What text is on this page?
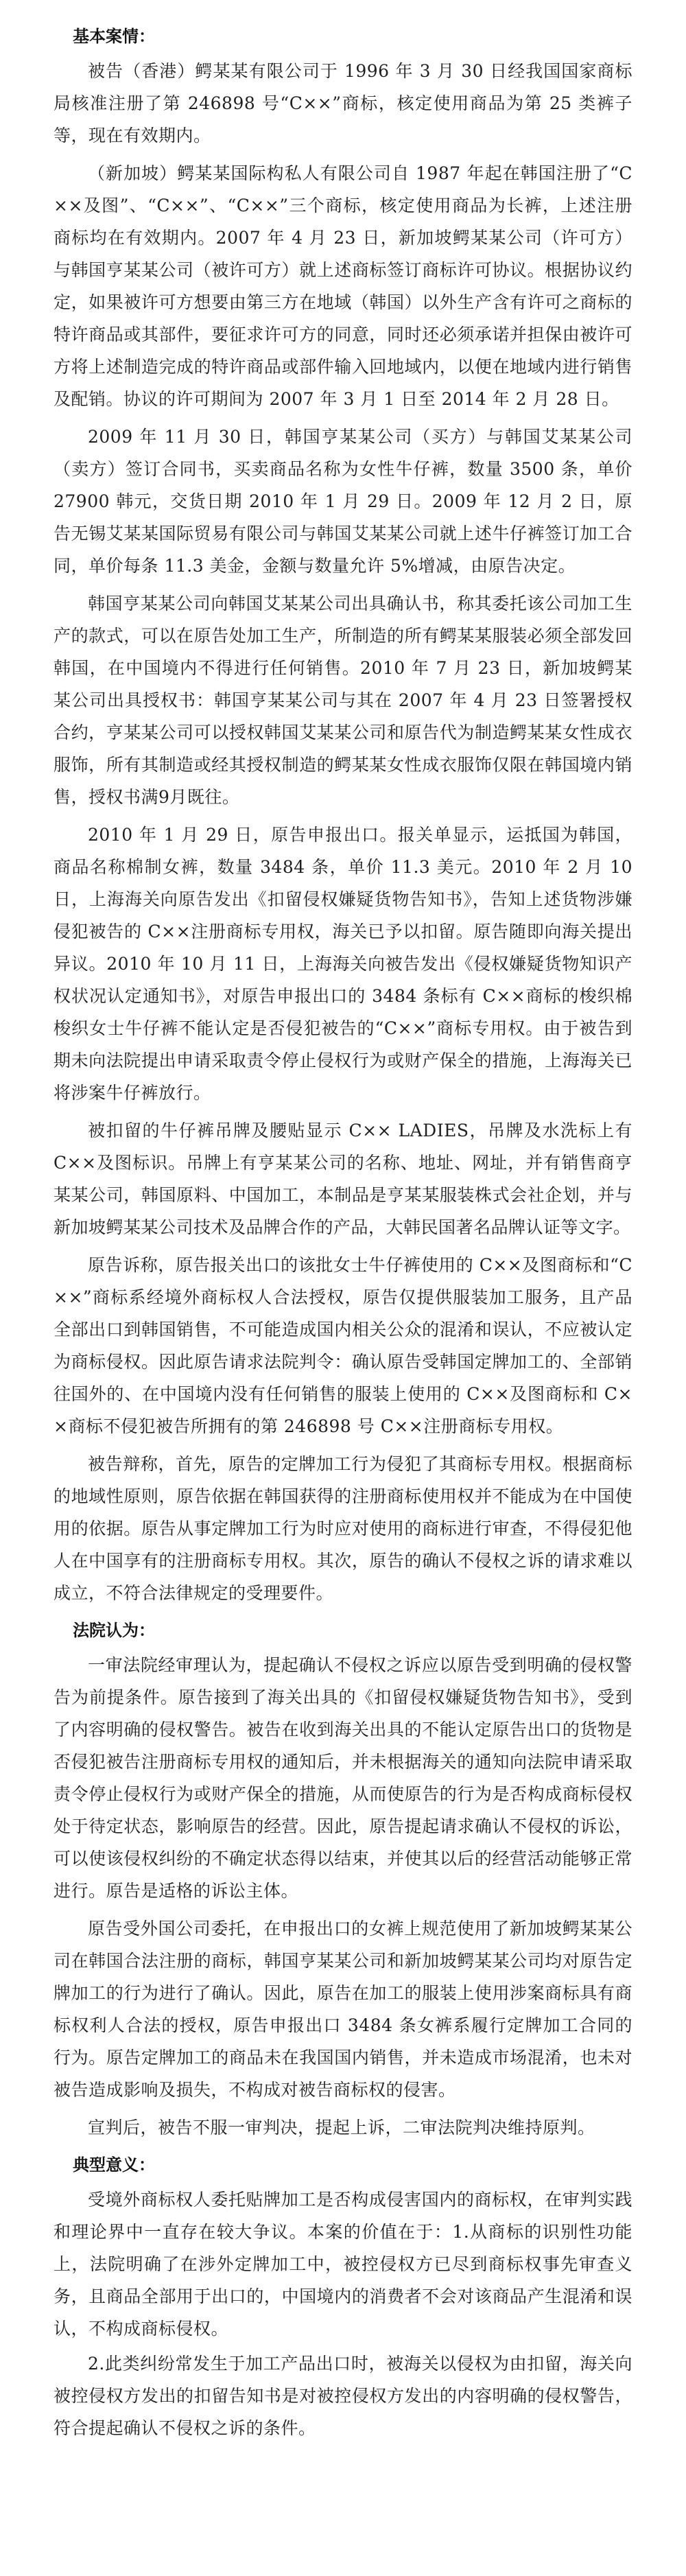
基本案情：

被告（香港）鳄某某有限公司于 1996 年 3 月 30 日经我国国家商标局核准注册了第 246898 号“C××”商标，核定使用商品为第 25 类裤子等，现在有效期内。

（新加坡）鳄某某国际构私人有限公司自 1987 年起在韩国注册了“C××及图”、“C××”、“C××”三个商标，核定使用商品为长裤，上述注册商标均在有效期内。2007 年 4 月 23 日，新加坡鳄某某公司（许可方）与韩国亨某某公司（被许可方）就上述商标签订商标许可协议。根据协议约定，如果被许可方想要由第三方在地域（韩国）以外生产含有许可之商标的特许商品或其部件，要征求许可方的同意，同时还必须承诺并担保由被许可方将上述制造完成的特许商品或部件输入回地域内，以便在地域内进行销售及配销。协议的许可期间为 2007 年 3 月 1 日至 2014 年 2 月 28 日。

2009 年 11 月 30 日，韩国亨某某公司（买方）与韩国艾某某公司（卖方）签订合同书，买卖商品名称为女性牛仔裤，数量 3500 条，单价 27900 韩元，交货日期 2010 年 1 月 29 日。2009 年 12 月 2 日，原告无锡艾某某国际贸易有限公司与韩国艾某某公司就上述牛仔裤签订加工合同，单价每条 11.3 美金，金额与数量允许 5%增减，由原告决定。

韩国亨某某公司向韩国艾某某公司出具确认书，称其委托该公司加工生产的款式，可以在原告处加工生产，所制造的所有鳄某某服装必须全部发回韩国，在中国境内不得进行任何销售。2010 年 7 月 23 日，新加坡鳄某某公司出具授权书：韩国亨某某公司与其在 2007 年 4 月 23 日签署授权合约，亨某某公司可以授权韩国艾某某公司和原告代为制造鳄某某女性成衣服饰，所有其制造或经其授权制造的鳄某某女性成衣服饰仅限在韩国境内销售，授权书满9月既往。

2010 年 1 月 29 日，原告申报出口。报关单显示，运抵国为韩国，商品名称棉制女裤，数量 3484 条，单价 11.3 美元。2010 年 2 月 10 日，上海海关向原告发出《扣留侵权嫌疑货物告知书》，告知上述货物涉嫌侵犯被告的 C××注册商标专用权，海关已予以扣留。原告随即向海关提出异议。2010 年 10 月 11 日，上海海关向被告发出《侵权嫌疑货物知识产权状况认定通知书》，对原告申报出口的 3484 条标有 C××商标的梭织棉梭织女士牛仔裤不能认定是否侵犯被告的“C××”商标专用权。由于被告到期未向法院提出申请采取责令停止侵权行为或财产保全的措施，上海海关已将涉案牛仔裤放行。

被扣留的牛仔裤吊牌及腰贴显示 C×× LADIES，吊牌及水洗标上有 C××及图标识。吊牌上有亨某某公司的名称、地址、网址，并有销售商亨某某公司，韩国原料、中国加工，本制品是亨某某服装株式会社企划，并与新加坡鳄某某公司技术及品牌合作的产品，大韩民国著名品牌认证等文字。

原告诉称，原告报关出口的该批女士牛仔裤使用的 C××及图商标和“C××”商标系经境外商标权人合法授权，原告仅提供服装加工服务，且产品全部出口到韩国销售，不可能造成国内相关公众的混淆和误认，不应被认定为商标侵权。因此原告请求法院判令：确认原告受韩国定牌加工的、全部销往国外的、在中国境内没有任何销售的服装上使用的 C××及图商标和 C××商标不侵犯被告所拥有的第 246898 号 C××注册商标专用权。

被告辩称，首先，原告的定牌加工行为侵犯了其商标专用权。根据商标的地域性原则，原告依据在韩国获得的注册商标使用权并不能成为在中国使用的依据。原告从事定牌加工行为时应对使用的商标进行审查，不得侵犯他人在中国享有的注册商标专用权。其次，原告的确认不侵权之诉的请求难以成立，不符合法律规定的受理要件。

法院认为：

一审法院经审理认为，提起确认不侵权之诉应以原告受到明确的侵权警告为前提条件。原告接到了海关出具的《扣留侵权嫌疑货物告知书》，受到了内容明确的侵权警告。被告在收到海关出具的不能认定原告出口的货物是否侵犯被告注册商标专用权的通知后，并未根据海关的通知向法院申请采取责令停止侵权行为或财产保全的措施，从而使原告的行为是否构成商标侵权处于待定状态，影响原告的经营。因此，原告提起请求确认不侵权的诉讼，可以使该侵权纠纷的不确定状态得以结束，并使其以后的经营活动能够正常进行。原告是适格的诉讼主体。

原告受外国公司委托，在申报出口的女裤上规范使用了新加坡鳄某某公司在韩国合法注册的商标，韩国亨某某公司和新加坡鳄某某公司均对原告定牌加工的行为进行了确认。因此，原告在加工的服装上使用涉案商标具有商标权利人合法的授权，原告申报出口 3484 条女裤系履行定牌加工合同的行为。原告定牌加工的商品未在我国国内销售，并未造成市场混淆，也未对被告造成影响及损失，不构成对被告商标权的侵害。

宣判后，被告不服一审判决，提起上诉，二审法院判决维持原判。

典型意义：

受境外商标权人委托贴牌加工是否构成侵害国内的商标权，在审判实践和理论界中一直存在较大争议。本案的价值在于：1.从商标的识别性功能上，法院明确了在涉外定牌加工中，被控侵权方已尽到商标权事先审查义务，且商品全部用于出口的，中国境内的消费者不会对该商品产生混淆和误认，不构成商标侵权。

2.此类纠纷常发生于加工产品出口时，被海关以侵权为由扣留，海关向被控侵权方发出的扣留告知书是对被控侵权方发出的内容明确的侵权警告，符合提起确认不侵权之诉的条件。
